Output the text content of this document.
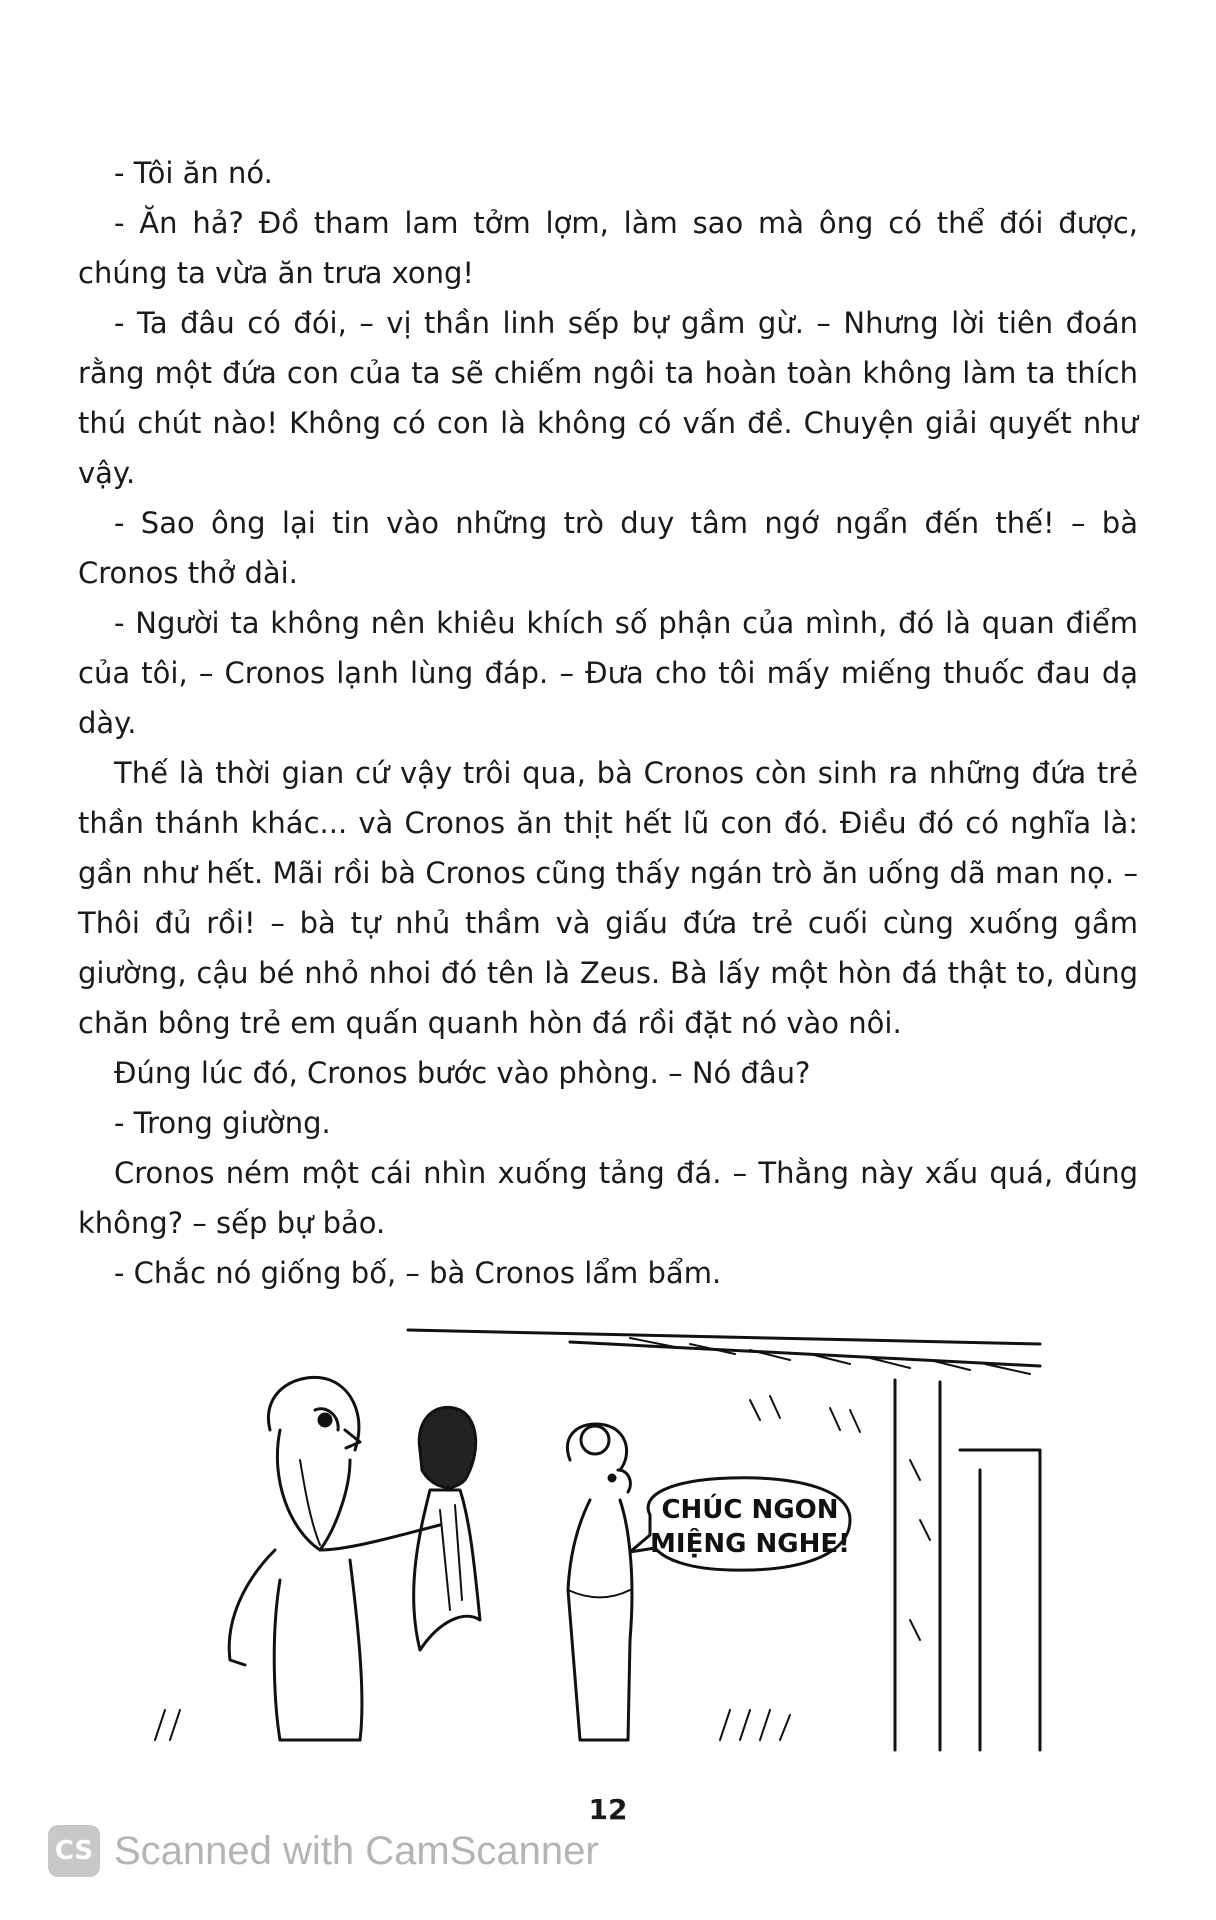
- Tôi ăn nó.

- Ăn hả? Đồ tham lam tởm lợm, làm sao mà ông có thể đói được, chúng ta vừa ăn trưa xong!

- Ta đâu có đói, – vị thần linh sếp bự gầm gừ. – Nhưng lời tiên đoán rằng một đứa con của ta sẽ chiếm ngôi ta hoàn toàn không làm ta thích thú chút nào! Không có con là không có vấn đề. Chuyện giải quyết như vậy.

- Sao ông lại tin vào những trò duy tâm ngớ ngẩn đến thế! – bà Cronos thở dài.

- Người ta không nên khiêu khích số phận của mình, đó là quan điểm của tôi, – Cronos lạnh lùng đáp. – Đưa cho tôi mấy miếng thuốc đau dạ dày.

Thế là thời gian cứ vậy trôi qua, bà Cronos còn sinh ra những đứa trẻ thần thánh khác... và Cronos ăn thịt hết lũ con đó. Điều đó có nghĩa là: gần như hết. Mãi rồi bà Cronos cũng thấy ngán trò ăn uống dã man nọ. – Thôi đủ rồi! – bà tự nhủ thầm và giấu đứa trẻ cuối cùng xuống gầm giường, cậu bé nhỏ nhoi đó tên là Zeus. Bà lấy một hòn đá thật to, dùng chăn bông trẻ em quấn quanh hòn đá rồi đặt nó vào nôi.

Đúng lúc đó, Cronos bước vào phòng. – Nó đâu?

- Trong giường.

Cronos ném một cái nhìn xuống tảng đá. – Thằng này xấu quá, đúng không? – sếp bự bảo.

- Chắc nó giống bố, – bà Cronos lẩm bẩm.

CHÚC NGON
MIỆNG NGHE!
12
CS Scanned with CamScanner
